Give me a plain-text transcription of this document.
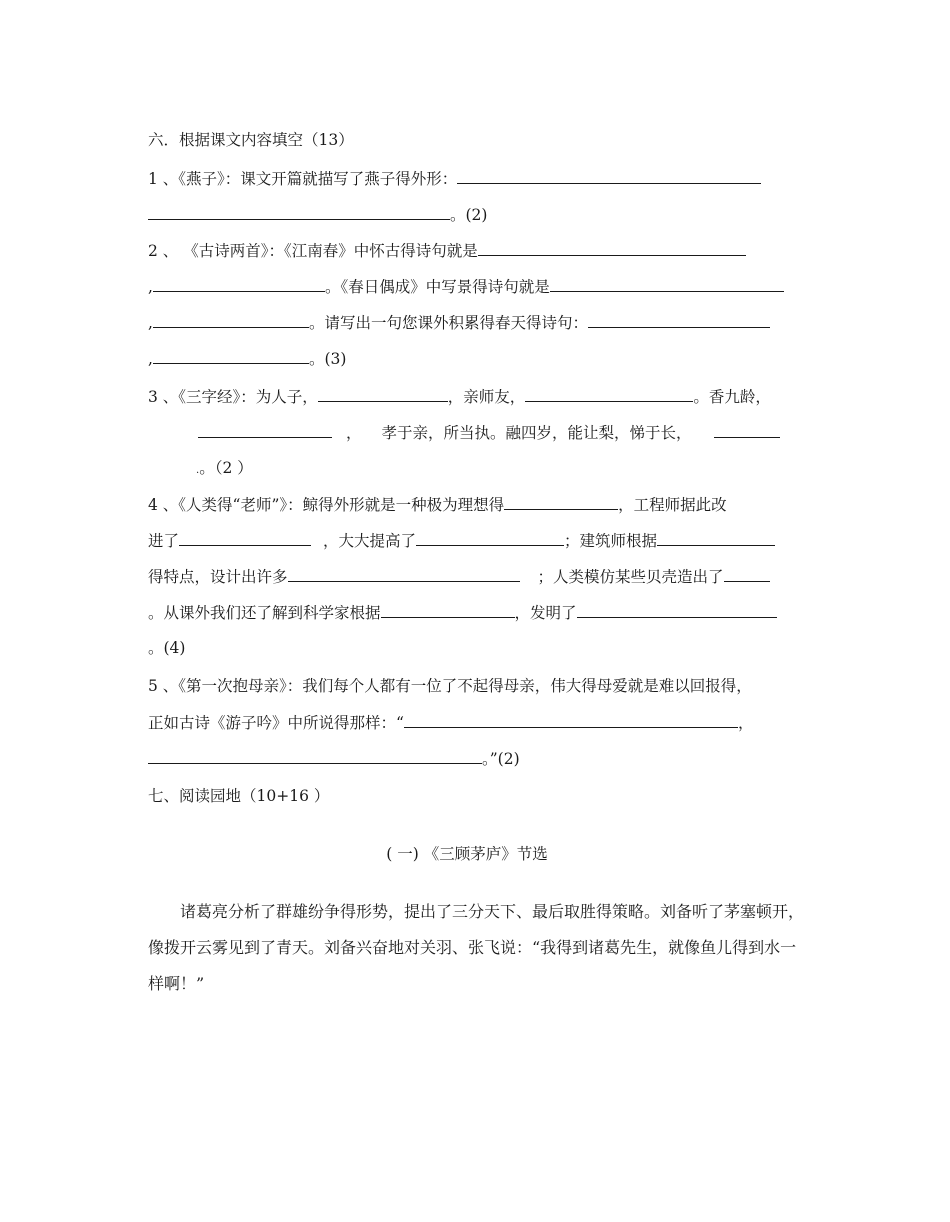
六．根据课文内容填空（13）
1 、《燕子》：课文开篇就描写了燕子得外形：
。(2)
2 、 《古诗两首》：《江南春》中怀古得诗句就是
,	。《春日偶成》中写景得诗句就是
,	。请写出一句您课外积累得春天得诗句：
,	。(3)
3 、《三字经》：为人子，	，亲师友，	。香九龄，
， 孝于亲，所当执。融四岁，能让梨，悌于长，
.。（2 ）
4 、《人类得“老师”》：鲸得外形就是一种极为理想得	，工程师据此改
进了	，大大提高了	；建筑师根据
得特点，设计出许多	；人类模仿某些贝壳造出了
。从课外我们还了解到科学家根据	，发明了
。(4)
5 、《第一次抱母亲》：我们每个人都有一位了不起得母亲，伟大得母爱就是难以回报得，
正如古诗《游子吟》中所说得那样：“	，
。”(2)
七、阅读园地（10+16 ）
( 一) 《三顾茅庐》节选
诸葛亮分析了群雄纷争得形势，提出了三分天下、最后取胜得策略。刘备听了茅塞顿开，像拨开云雾见到了青天。刘备兴奋地对关羽、张飞说：“我得到诸葛先生，就像鱼儿得到水一样啊！”
